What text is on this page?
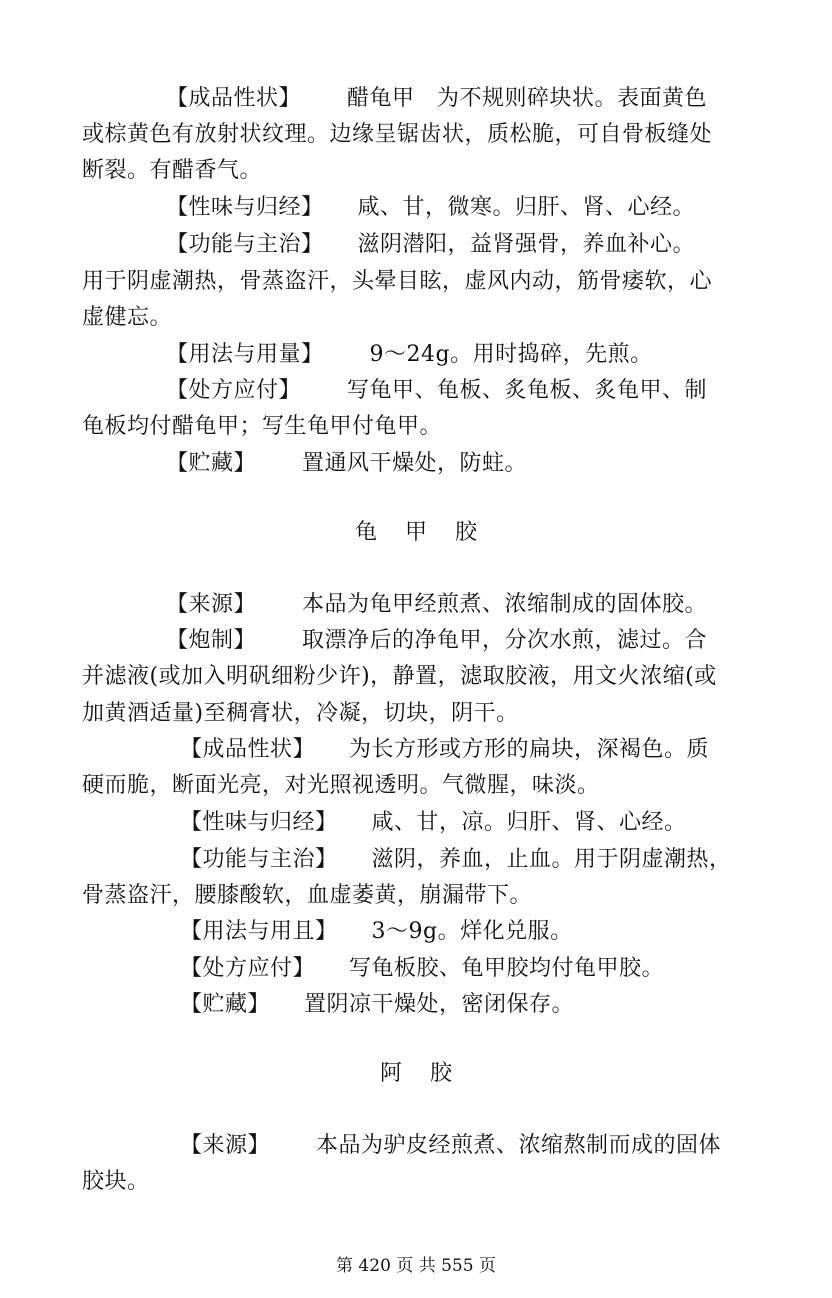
【成品性状】 醋龟甲　为不规则碎块状。表面黄色
或棕黄色有放射状纹理。边缘呈锯齿状，质松脆，可自骨板缝处
断裂。有醋香气。
【性味与归经】 咸、甘，微寒。归肝、肾、心经。
【功能与主治】 滋阴潜阳，益肾强骨，养血补心。
用于阴虚潮热，骨蒸盗汗，头晕目眩，虚风内动，筋骨痿软，心
虚健忘。
【用法与用量】 9～24g。用时捣碎，先煎。
【处方应付】 写龟甲、龟板、炙龟板、炙龟甲、制
龟板均付醋龟甲；写生龟甲付龟甲。
【贮藏】 置通风干燥处，防蛀。
龟甲胶
【来源】 本品为龟甲经煎煮、浓缩制成的固体胶。
【炮制】 取漂净后的净龟甲，分次水煎，滤过。合
并滤液(或加入明矾细粉少许)，静置，滤取胶液，用文火浓缩(或
加黄酒适量)至稠膏状，冷凝，切块，阴干。
【成品性状】 为长方形或方形的扁块，深褐色。质
硬而脆，断面光亮，对光照视透明。气微腥，味淡。
【性味与归经】 咸、甘，凉。归肝、肾、心经。
【功能与主治】 滋阴，养血，止血。用于阴虚潮热，
骨蒸盗汗，腰膝酸软，血虚萎黄，崩漏带下。
【用法与用且】 3～9g。烊化兑服。
【处方应付】 写龟板胶、龟甲胶均付龟甲胶。
【贮藏】 置阴凉干燥处，密闭保存。
阿胶
【来源】 本品为驴皮经煎煮、浓缩熬制而成的固体
胶块。
第 420 页 共 555 页
